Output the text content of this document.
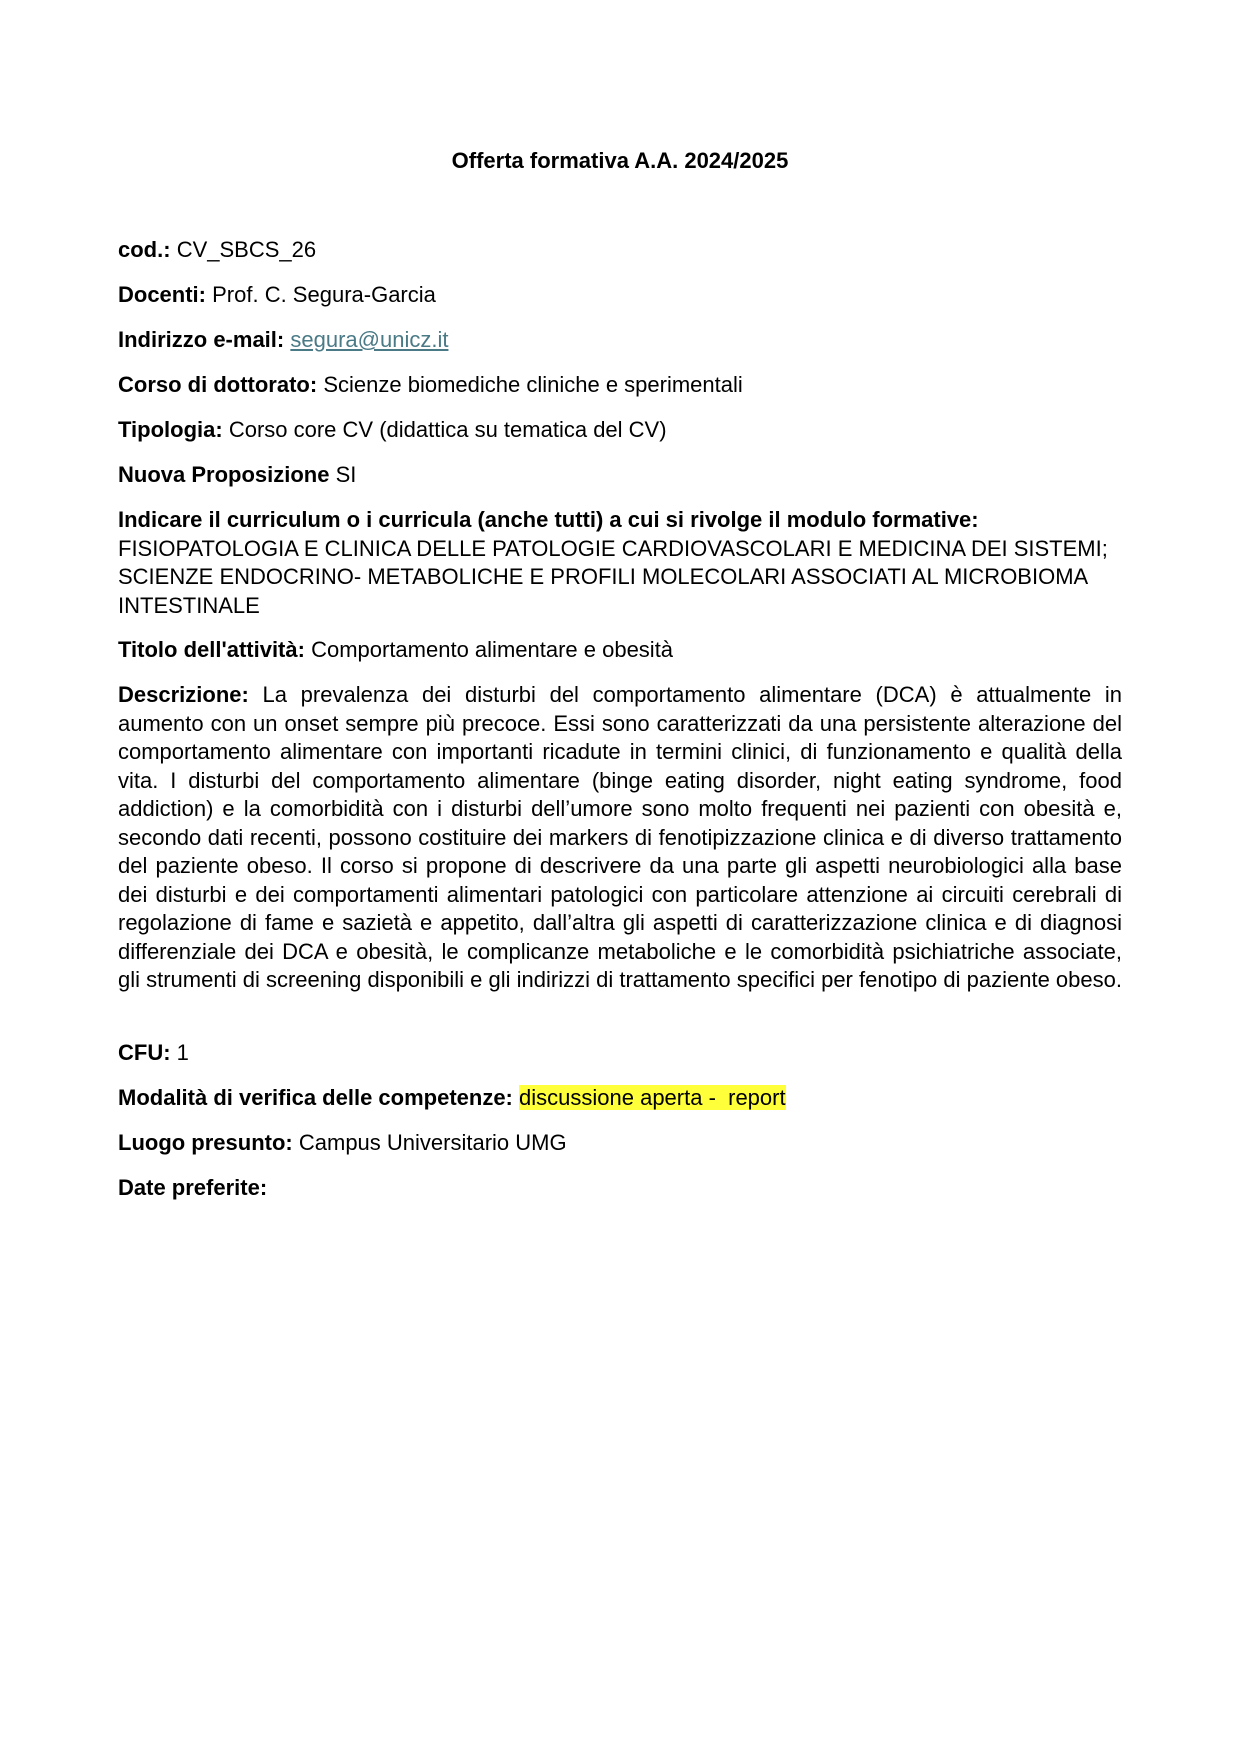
Offerta formativa A.A. 2024/2025

cod.: CV_SBCS_26

Docenti: Prof. C. Segura-Garcia

Indirizzo e-mail: segura@unicz.it

Corso di dottorato: Scienze biomediche cliniche e sperimentali

Tipologia: Corso core CV (didattica su tematica del CV)

Nuova Proposizione SI

Indicare il curriculum o i curricula (anche tutti) a cui si rivolge il modulo formative:
FISIOPATOLOGIA E CLINICA DELLE PATOLOGIE CARDIOVASCOLARI E MEDICINA DEI SISTEMI; SCIENZE ENDOCRINO- METABOLICHE E PROFILI MOLECOLARI ASSOCIATI AL MICROBIOMA INTESTINALE

Titolo dell'attività: Comportamento alimentare e obesità

Descrizione: La prevalenza dei disturbi del comportamento alimentare (DCA) è attualmente in aumento con un onset sempre più precoce. Essi sono caratterizzati da una persistente alterazione del comportamento alimentare con importanti ricadute in termini clinici, di funzionamento e qualità della vita. I disturbi del comportamento alimentare (binge eating disorder, night eating syndrome, food addiction) e la comorbidità con i disturbi dell’umore sono molto frequenti nei pazienti con obesità e, secondo dati recenti, possono costituire dei markers di fenotipizzazione clinica e di diverso trattamento del paziente obeso. Il corso si propone di descrivere da una parte gli aspetti neurobiologici alla base dei disturbi e dei comportamenti alimentari patologici con particolare attenzione ai circuiti cerebrali di regolazione di fame e sazietà e appetito, dall’altra gli aspetti di caratterizzazione clinica e di diagnosi differenziale dei DCA e obesità, le complicanze metaboliche e le comorbidità psichiatriche associate, gli strumenti di screening disponibili e gli indirizzi di trattamento specifici per fenotipo di paziente obeso.

CFU: 1

Modalità di verifica delle competenze: discussione aperta -  report

Luogo presunto: Campus Universitario UMG

Date preferite:
